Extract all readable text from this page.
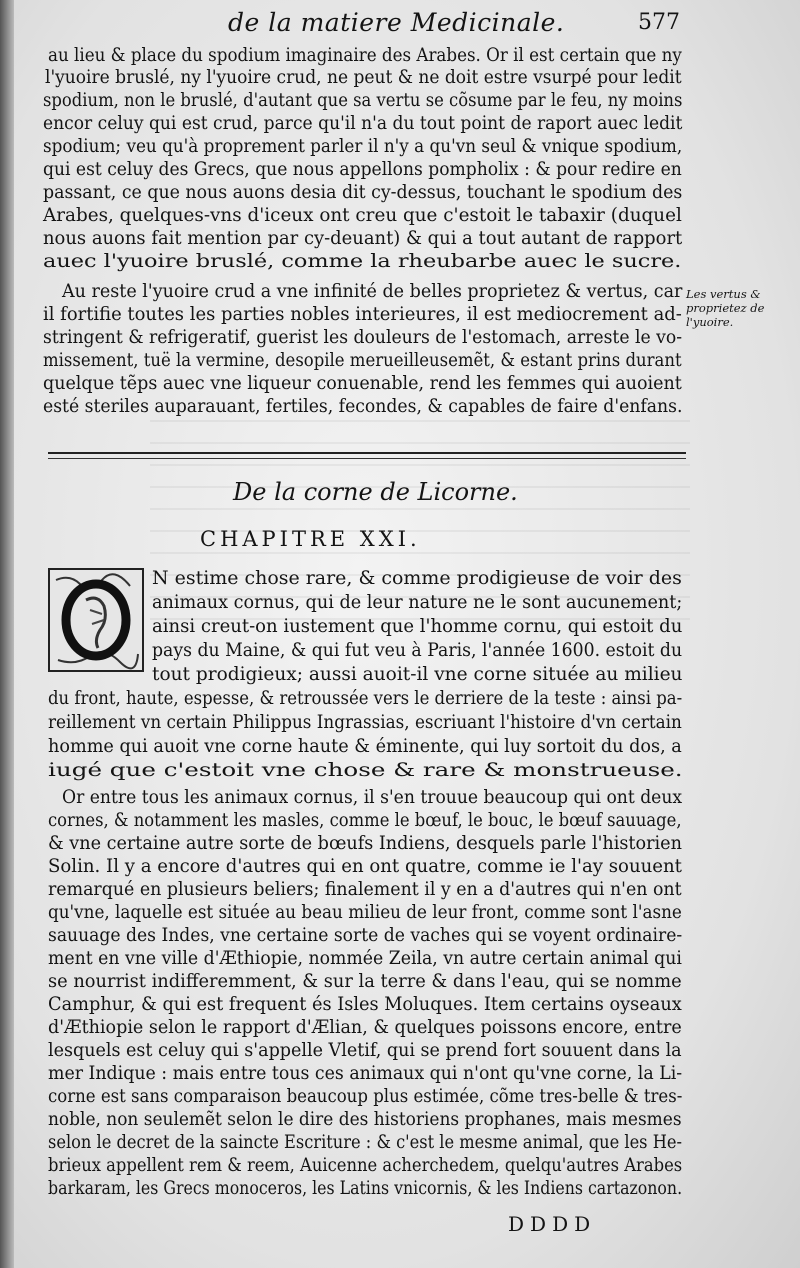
de la matiere Medicinale.	577
au lieu & place du spodium imaginaire des Arabes. Or il est certain que ny
l'yuoire bruslé, ny l'yuoire crud, ne peut & ne doit estre vsurpé pour ledit
spodium, non le bruslé, d'autant que sa vertu se cõsume par le feu, ny moins
encor celuy qui est crud, parce qu'il n'a du tout point de raport auec ledit
spodium; veu qu'à proprement parler il n'y a qu'vn seul & vnique spodium,
qui est celuy des Grecs, que nous appellons pompholix : & pour redire en
passant, ce que nous auons desia dit cy-dessus, touchant le spodium des
Arabes, quelques-vns d'iceux ont creu que c'estoit le tabaxir (duquel
nous auons fait mention par cy-deuant) & qui a tout autant de rapport
auec l'yuoire bruslé, comme la rheubarbe auec le sucre.
Au reste l'yuoire crud a vne infinité de belles proprietez & vertus, car
il fortifie toutes les parties nobles interieures, il est mediocrement ad-
stringent & refrigeratif, guerist les douleurs de l'estomach, arreste le vo-
missement, tuë la vermine, desopile merueilleusemẽt, & estant prins durant
quelque tẽps auec vne liqueur conuenable, rend les femmes qui auoient
esté steriles auparauant, fertiles, fecondes, & capables de faire d'enfans.
Les vertus & proprietez de l'yuoire.
De la corne de Licorne.
CHAPITRE XXI.
N estime chose rare, & comme prodigieuse de voir des
animaux cornus, qui de leur nature ne le sont aucunement;
ainsi creut-on iustement que l'homme cornu, qui estoit du
pays du Maine, & qui fut veu à Paris, l'année 1600. estoit du
tout prodigieux; aussi auoit-il vne corne située au milieu
du front, haute, espesse, & retroussée vers le derriere de la teste : ainsi pa-
reillement vn certain Philippus Ingrassias, escriuant l'histoire d'vn certain
homme qui auoit vne corne haute & éminente, qui luy sortoit du dos, a
iugé que c'estoit vne chose & rare & monstrueuse.
Or entre tous les animaux cornus, il s'en trouue beaucoup qui ont deux
cornes, & notamment les masles, comme le bœuf, le bouc, le bœuf sauuage,
& vne certaine autre sorte de bœufs Indiens, desquels parle l'historien
Solin. Il y a encore d'autres qui en ont quatre, comme ie l'ay souuent
remarqué en plusieurs beliers; finalement il y en a d'autres qui n'en ont
qu'vne, laquelle est située au beau milieu de leur front, comme sont l'asne
sauuage des Indes, vne certaine sorte de vaches qui se voyent ordinaire-
ment en vne ville d'Æthiopie, nommée Zeila, vn autre certain animal qui
se nourrist indifferemment, & sur la terre & dans l'eau, qui se nomme
Camphur, & qui est frequent és Isles Moluques. Item certains oyseaux
d'Æthiopie selon le rapport d'Ælian, & quelques poissons encore, entre
lesquels est celuy qui s'appelle Vletif, qui se prend fort souuent dans la
mer Indique : mais entre tous ces animaux qui n'ont qu'vne corne, la Li-
corne est sans comparaison beaucoup plus estimée, cõme tres-belle & tres-
noble, non seulemẽt selon le dire des historiens prophanes, mais mesmes
selon le decret de la saincte Escriture : & c'est le mesme animal, que les He-
brieux appellent rem & reem, Auicenne acherchedem, quelqu'autres Arabes
barkaram, les Grecs monoceros, les Latins vnicornis, & les Indiens cartazonon.
DDDD
